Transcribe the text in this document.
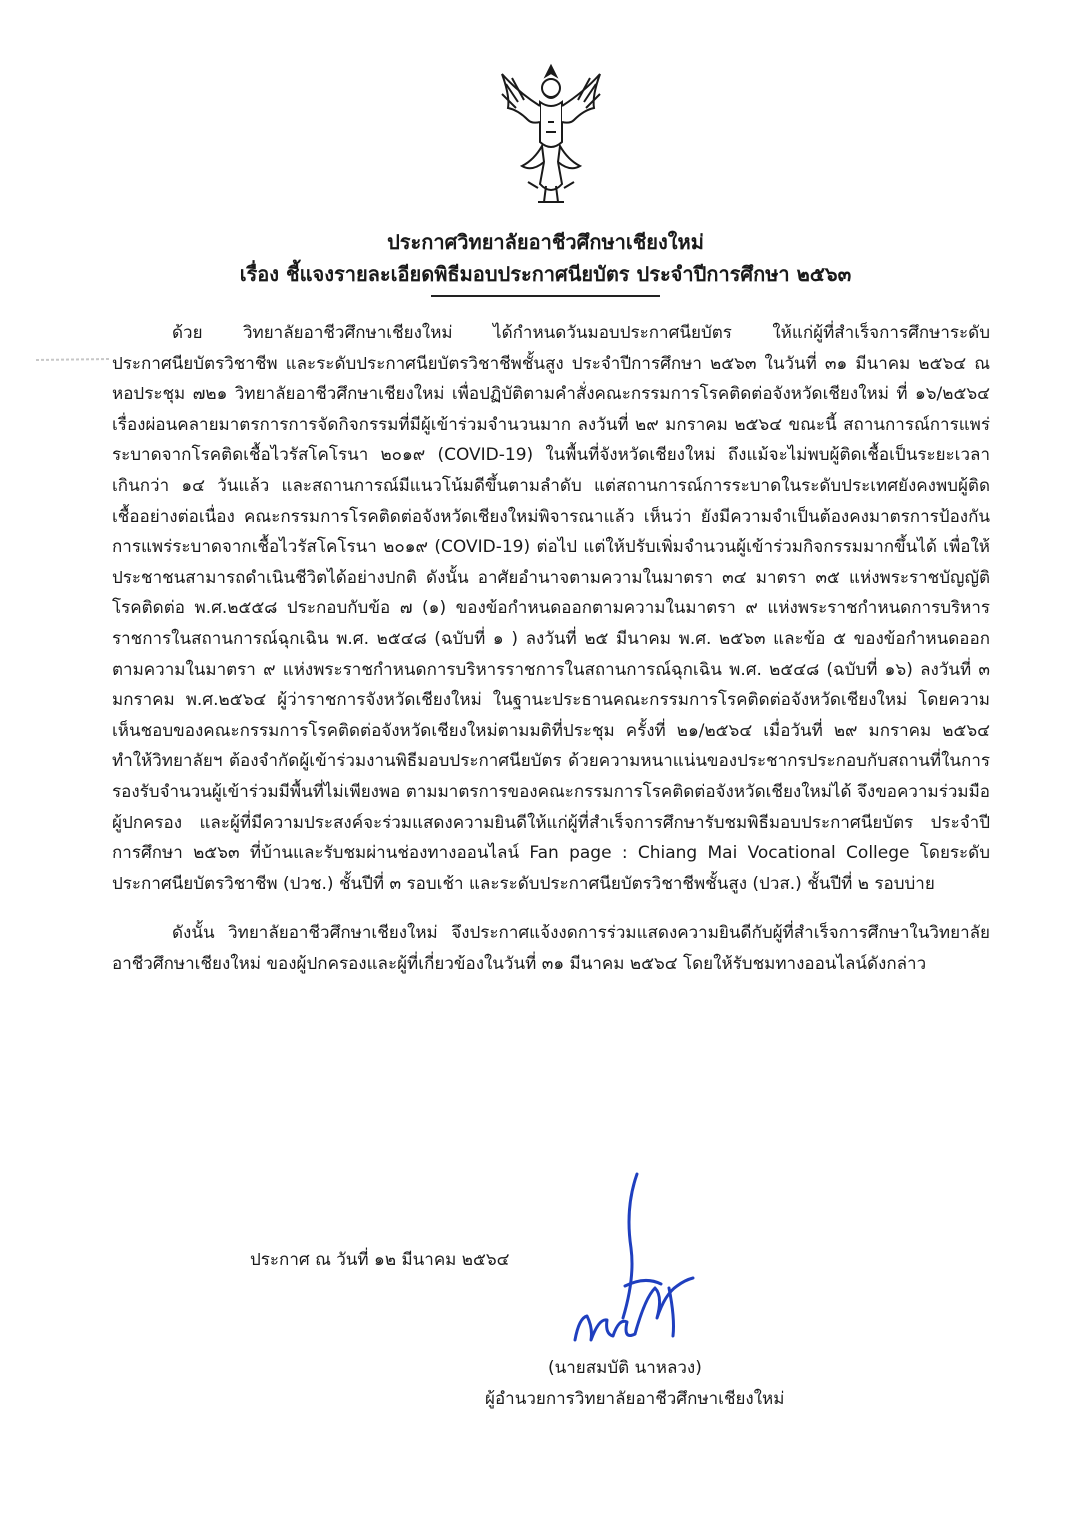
ประกาศวิทยาลัยอาชีวศึกษาเชียงใหม่
เรื่อง ชี้แจงรายละเอียดพิธีมอบประกาศนียบัตร ประจำปีการศึกษา ๒๕๖๓

ด้วย วิทยาลัยอาชีวศึกษาเชียงใหม่ ได้กำหนดวันมอบประกาศนียบัตร ให้แก่ผู้ที่สำเร็จการศึกษาระดับประกาศนียบัตรวิชาชีพ และระดับประกาศนียบัตรวิชาชีพชั้นสูง ประจำปีการศึกษา ๒๕๖๓ ในวันที่ ๓๑ มีนาคม ๒๕๖๔ ณ หอประชุม ๗๒๑ วิทยาลัยอาชีวศึกษาเชียงใหม่ เพื่อปฏิบัติตามคำสั่งคณะกรรมการโรคติดต่อจังหวัดเชียงใหม่ ที่ ๑๖/๒๕๖๔ เรื่องผ่อนคลายมาตรการการจัดกิจกรรมที่มีผู้เข้าร่วมจำนวนมาก ลงวันที่ ๒๙ มกราคม ๒๕๖๔ ขณะนี้ สถานการณ์การแพร่ระบาดจากโรคติดเชื้อไวรัสโคโรนา ๒๐๑๙ (COVID-19) ในพื้นที่จังหวัดเชียงใหม่ ถึงแม้จะไม่พบผู้ติดเชื้อเป็นระยะเวลาเกินกว่า ๑๔ วันแล้ว และสถานการณ์มีแนวโน้มดีขึ้นตามลำดับ แต่สถานการณ์การระบาดในระดับประเทศยังคงพบผู้ติดเชื้ออย่างต่อเนื่อง คณะกรรมการโรคติดต่อจังหวัดเชียงใหม่พิจารณาแล้ว เห็นว่า ยังมีความจำเป็นต้องคงมาตรการป้องกันการแพร่ระบาดจากเชื้อไวรัสโคโรนา ๒๐๑๙ (COVID-19) ต่อไป แต่ให้ปรับเพิ่มจำนวนผู้เข้าร่วมกิจกรรมมากขึ้นได้ เพื่อให้ประชาชนสามารถดำเนินชีวิตได้อย่างปกติ ดังนั้น อาศัยอำนาจตามความในมาตรา ๓๔ มาตรา ๓๕ แห่งพระราชบัญญัติโรคติดต่อ พ.ศ.๒๕๕๘ ประกอบกับข้อ ๗ (๑) ของข้อกำหนดออกตามความในมาตรา ๙ แห่งพระราชกำหนดการบริหารราชการในสถานการณ์ฉุกเฉิน พ.ศ. ๒๕๔๘ (ฉบับที่ ๑ ) ลงวันที่ ๒๕ มีนาคม พ.ศ. ๒๕๖๓ และข้อ ๕ ของข้อกำหนดออกตามความในมาตรา ๙ แห่งพระราชกำหนดการบริหารราชการในสถานการณ์ฉุกเฉิน พ.ศ. ๒๕๔๘ (ฉบับที่ ๑๖) ลงวันที่ ๓ มกราคม พ.ศ.๒๕๖๔ ผู้ว่าราชการจังหวัดเชียงใหม่ ในฐานะประธานคณะกรรมการโรคติดต่อจังหวัดเชียงใหม่ โดยความเห็นชอบของคณะกรรมการโรคติดต่อจังหวัดเชียงใหม่ตามมติที่ประชุม ครั้งที่ ๒๑/๒๕๖๔ เมื่อวันที่ ๒๙ มกราคม ๒๕๖๔ ทำให้วิทยาลัยฯ ต้องจำกัดผู้เข้าร่วมงานพิธีมอบประกาศนียบัตร ด้วยความหนาแน่นของประชากรประกอบกับสถานที่ในการรองรับจำนวนผู้เข้าร่วมมีพื้นที่ไม่เพียงพอ ตามมาตรการของคณะกรรมการโรคติดต่อจังหวัดเชียงใหม่ได้ จึงขอความร่วมมือผู้ปกครอง และผู้ที่มีความประสงค์จะร่วมแสดงความยินดีให้แก่ผู้ที่สำเร็จการศึกษารับชมพิธีมอบประกาศนียบัตร ประจำปีการศึกษา ๒๕๖๓ ที่บ้านและรับชมผ่านช่องทางออนไลน์ Fan page : Chiang Mai Vocational College โดยระดับประกาศนียบัตรวิชาชีพ (ปวช.) ชั้นปีที่ ๓ รอบเช้า และระดับประกาศนียบัตรวิชาชีพชั้นสูง (ปวส.) ชั้นปีที่ ๒ รอบบ่าย

ดังนั้น วิทยาลัยอาชีวศึกษาเชียงใหม่ จึงประกาศแจ้งงดการร่วมแสดงความยินดีกับผู้ที่สำเร็จการศึกษาในวิทยาลัยอาชีวศึกษาเชียงใหม่ ของผู้ปกครองและผู้ที่เกี่ยวข้องในวันที่ ๓๑ มีนาคม ๒๕๖๔ โดยให้รับชมทางออนไลน์ดังกล่าว

ประกาศ ณ วันที่ ๑๒ มีนาคม ๒๕๖๔
(นายสมบัติ นาหลวง)
ผู้อำนวยการวิทยาลัยอาชีวศึกษาเชียงใหม่
